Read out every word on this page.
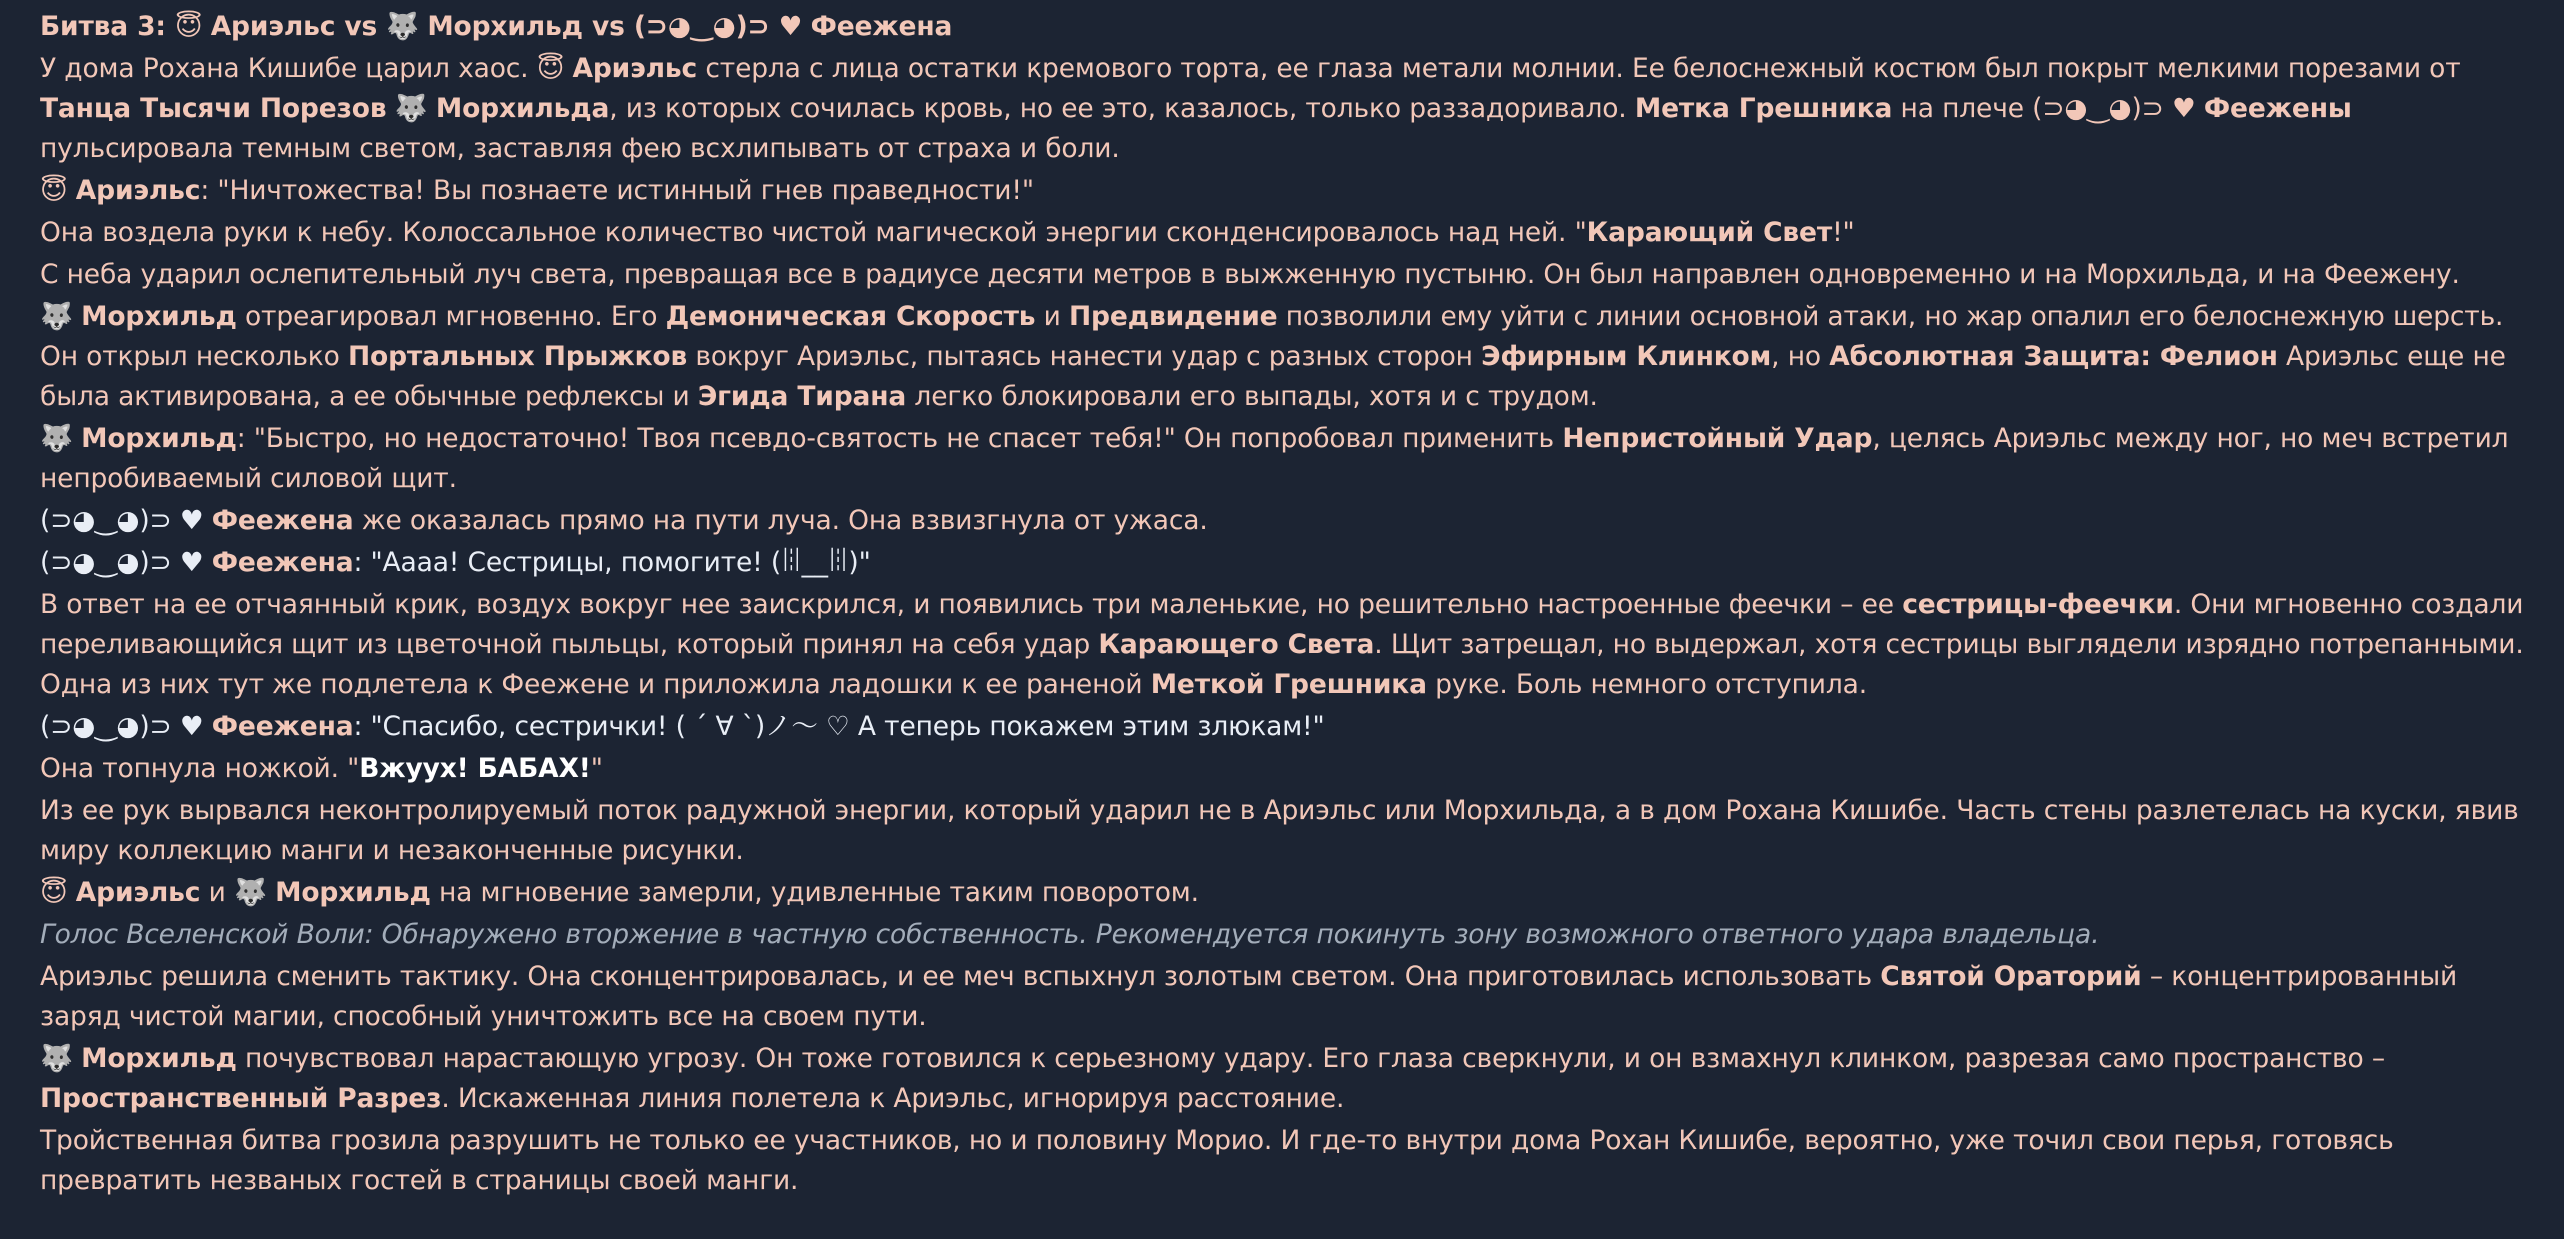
Битва 3: 😇 Ариэльс vs 🐺 Морхильд vs (⊃◕‿◕)⊃ ♥ Феежена

У дома Рохана Кишибе царил хаос. 😇 Ариэльс стерла с лица остатки кремового торта, ее глаза метали молнии. Ее белоснежный костюм был покрыт мелкими порезами от Танца Тысячи Порезов 🐺 Морхильда, из которых сочилась кровь, но ее это, казалось, только раззадоривало. Метка Грешника на плече (⊃◕‿◕)⊃ ♥ Феежены пульсировала темным светом, заставляя фею всхлипывать от страха и боли.

😇 Ариэльс: "Ничтожества! Вы познаете истинный гнев праведности!"

Она воздела руки к небу. Колоссальное количество чистой магической энергии сконденсировалось над ней. "Карающий Свет!"

С неба ударил ослепительный луч света, превращая все в радиусе десяти метров в выжженную пустыню. Он был направлен одновременно и на Морхильда, и на Феежену.

🐺 Морхильд отреагировал мгновенно. Его Демоническая Скорость и Предвидение позволили ему уйти с линии основной атаки, но жар опалил его белоснежную шерсть. Он открыл несколько Портальных Прыжков вокруг Ариэльс, пытаясь нанести удар с разных сторон Эфирным Клинком, но Абсолютная Защита: Фелион Ариэльс еще не была активирована, а ее обычные рефлексы и Эгида Тирана легко блокировали его выпады, хотя и с трудом.

🐺 Морхильд: "Быстро, но недостаточно! Твоя псевдо-святость не спасет тебя!" Он попробовал применить Непристойный Удар, целясь Ариэльс между ног, но меч встретил непробиваемый силовой щит.

(⊃◕‿◕)⊃ ♥ Феежена же оказалась прямо на пути луча. Она взвизгнула от ужаса.

(⊃◕‿◕)⊃ ♥ Феежена: "Аааа! Сестрицы, помогите! (ꈨ__ꈨ)"

В ответ на ее отчаянный крик, воздух вокруг нее заискрился, и появились три маленькие, но решительно настроенные феечки – ее сестрицы-феечки. Они мгновенно создали переливающийся щит из цветочной пыльцы, который принял на себя удар Карающего Света. Щит затрещал, но выдержал, хотя сестрицы выглядели изрядно потрепанными. Одна из них тут же подлетела к Феежене и приложила ладошки к ее раненой Меткой Грешника руке. Боль немного отступила.

(⊃◕‿◕)⊃ ♥ Феежена: "Спасибо, сестрички! ( ´ ∀ `)ノ～ ♡ А теперь покажем этим злюкам!"

Она топнула ножкой. "Вжуух! БАБАХ!"

Из ее рук вырвался неконтролируемый поток радужной энергии, который ударил не в Ариэльс или Морхильда, а в дом Рохана Кишибе. Часть стены разлетелась на куски, явив миру коллекцию манги и незаконченные рисунки.

😇 Ариэльс и 🐺 Морхильд на мгновение замерли, удивленные таким поворотом.

Голос Вселенской Воли: Обнаружено вторжение в частную собственность. Рекомендуется покинуть зону возможного ответного удара владельца.

Ариэльс решила сменить тактику. Она сконцентрировалась, и ее меч вспыхнул золотым светом. Она приготовилась использовать Святой Ораторий – концентрированный заряд чистой магии, способный уничтожить все на своем пути.

🐺 Морхильд почувствовал нарастающую угрозу. Он тоже готовился к серьезному удару. Его глаза сверкнули, и он взмахнул клинком, разрезая само пространство – Пространственный Разрез. Искаженная линия полетела к Ариэльс, игнорируя расстояние.

Тройственная битва грозила разрушить не только ее участников, но и половину Морио. И где-то внутри дома Рохан Кишибе, вероятно, уже точил свои перья, готовясь превратить незваных гостей в страницы своей манги.
